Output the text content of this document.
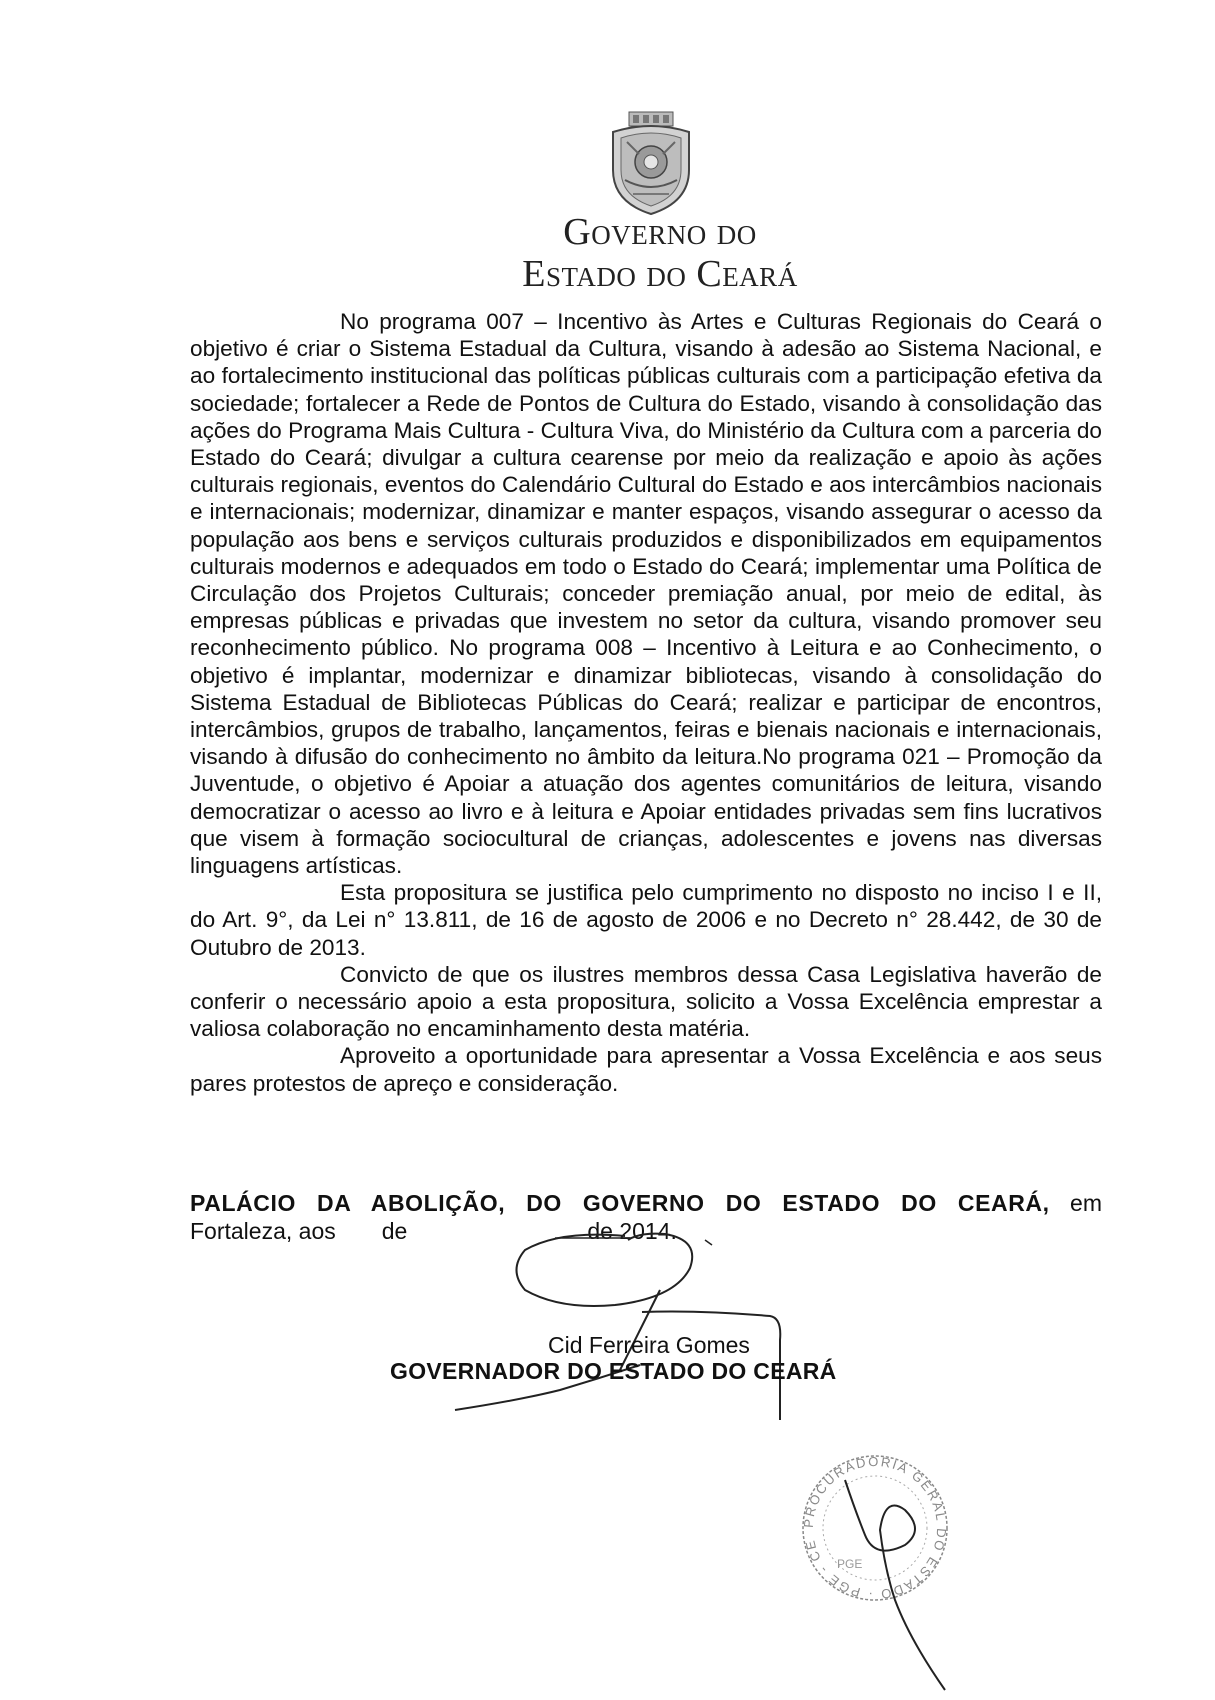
Governo do
Estado do Ceará

No programa 007 – Incentivo às Artes e Culturas Regionais do Ceará o objetivo é criar o Sistema Estadual da Cultura, visando à adesão ao Sistema Nacional, e ao fortalecimento institucional das políticas públicas culturais com a participação efetiva da sociedade; fortalecer a Rede de Pontos de Cultura do Estado, visando à consolidação das ações do Programa Mais Cultura - Cultura Viva, do Ministério da Cultura com a parceria do Estado do Ceará; divulgar a cultura cearense por meio da realização e apoio às ações culturais regionais, eventos do Calendário Cultural do Estado e aos intercâmbios nacionais e internacionais; modernizar, dinamizar e manter espaços, visando assegurar o acesso da população aos bens e serviços culturais produzidos e disponibilizados em equipamentos culturais modernos e adequados em todo o Estado do Ceará; implementar uma Política de Circulação dos Projetos Culturais; conceder premiação anual, por meio de edital, às empresas públicas e privadas que investem no setor da cultura, visando promover seu reconhecimento público. No programa 008 – Incentivo à Leitura e ao Conhecimento, o objetivo é implantar, modernizar e dinamizar bibliotecas, visando à consolidação do Sistema Estadual de Bibliotecas Públicas do Ceará; realizar e participar de encontros, intercâmbios, grupos de trabalho, lançamentos, feiras e bienais nacionais e internacionais, visando à difusão do conhecimento no âmbito da leitura.No programa 021 – Promoção da Juventude, o objetivo é Apoiar a atuação dos agentes comunitários de leitura, visando democratizar o acesso ao livro e à leitura e Apoiar entidades privadas sem fins lucrativos que visem à formação sociocultural de crianças, adolescentes e jovens nas diversas linguagens artísticas.

Esta propositura se justifica pelo cumprimento no disposto no inciso I e II, do Art. 9°, da Lei n° 13.811, de 16 de agosto de 2006 e no Decreto n° 28.442, de 30 de Outubro de 2013.

Convicto de que os ilustres membros dessa Casa Legislativa haverão de conferir o necessário apoio a esta propositura, solicito a Vossa Excelência emprestar a valiosa colaboração no encaminhamento desta matéria.

Aproveito a oportunidade para apresentar a Vossa Excelência e aos seus pares protestos de apreço e consideração.

PALÁCIO DA ABOLIÇÃO, DO GOVERNO DO ESTADO DO CEARÁ, em
Fortaleza, aos de	de 2014.
Cid Ferreira Gomes
GOVERNADOR DO ESTADO DO CEARÁ
PROCURADORIA GERAL DO ESTADO · PGE - CE
PGE
